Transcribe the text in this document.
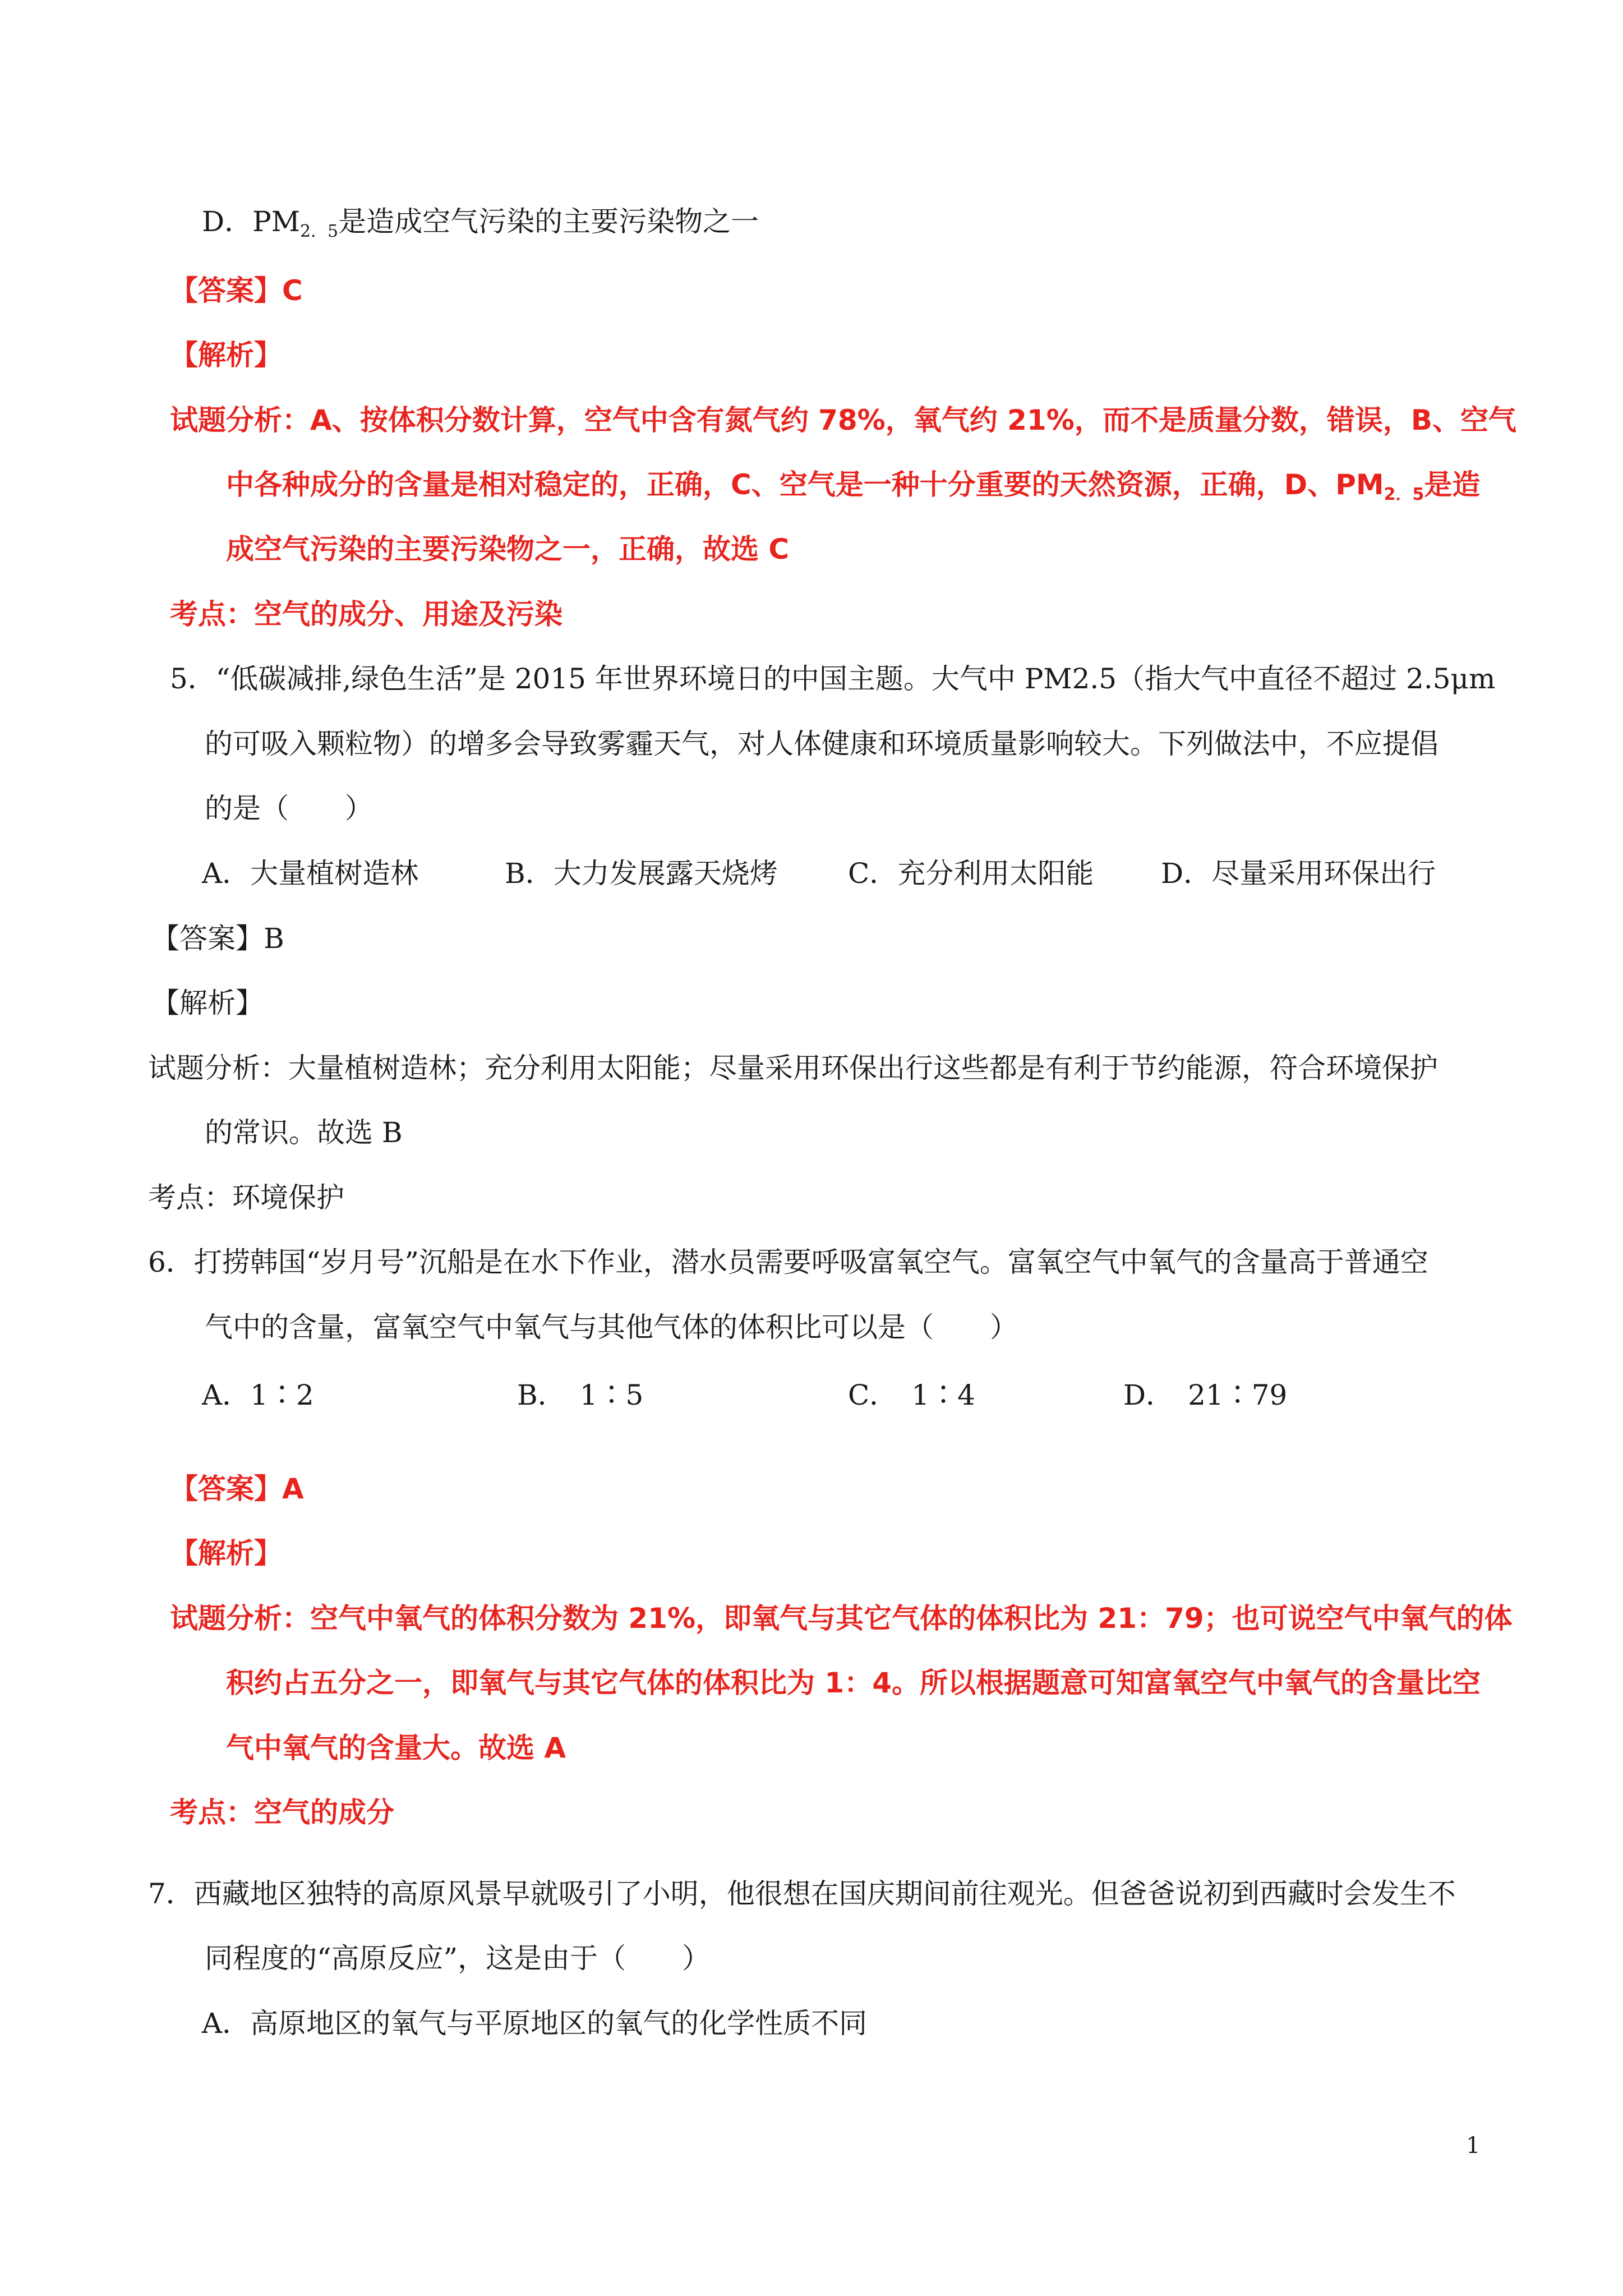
D．$PM_{2.5}$是造成空气污染的主要污染物之一
【答案】C
【解析】
试题分析：A、按体积分数计算，空气中含有氮气约 78%，氧气约 21%，而不是质量分数，错误，B、空气
中各种成分的含量是相对稳定的，正确，C、空气是一种十分重要的天然资源，正确，D、$PM_{2.5}$是造
成空气污染的主要污染物之一，正确，故选 C
考点：空气的成分、用途及污染
5．“低碳减排,绿色生活”是 2015 年世界环境日的中国主题。大气中 PM2.5（指大气中直径不超过 2.5μm
的可吸入颗粒物）的增多会导致雾霾天气，对人体健康和环境质量影响较大。下列做法中，不应提倡
的是（　　）
A．大量植树造林	B．大力发展露天烧烤	C．充分利用太阳能 D．尽量采用环保出行
【答案】B
【解析】
试题分析：大量植树造林；充分利用太阳能；尽量采用环保出行这些都是有利于节约能源，符合环境保护
的常识。故选 B
考点：环境保护
6．打捞韩国“岁月号”沉船是在水下作业，潜水员需要呼吸富氧空气。富氧空气中氧气的含量高于普通空
气中的含量，富氧空气中氧气与其他气体的体积比可以是（　　）
A．1∶2	B．　1∶5	C．　1∶4	D．　21∶79
【答案】A
【解析】
试题分析：空气中氧气的体积分数为 21%，即氧气与其它气体的体积比为 21：79；也可说空气中氧气的体
积约占五分之一，即氧气与其它气体的体积比为 1：4。所以根据题意可知富氧空气中氧气的含量比空
气中氧气的含量大。故选 A
考点：空气的成分
7．西藏地区独特的高原风景早就吸引了小明，他很想在国庆期间前往观光。但爸爸说初到西藏时会发生不
同程度的“高原反应”，这是由于（　　）
A．高原地区的氧气与平原地区的氧气的化学性质不同
1
